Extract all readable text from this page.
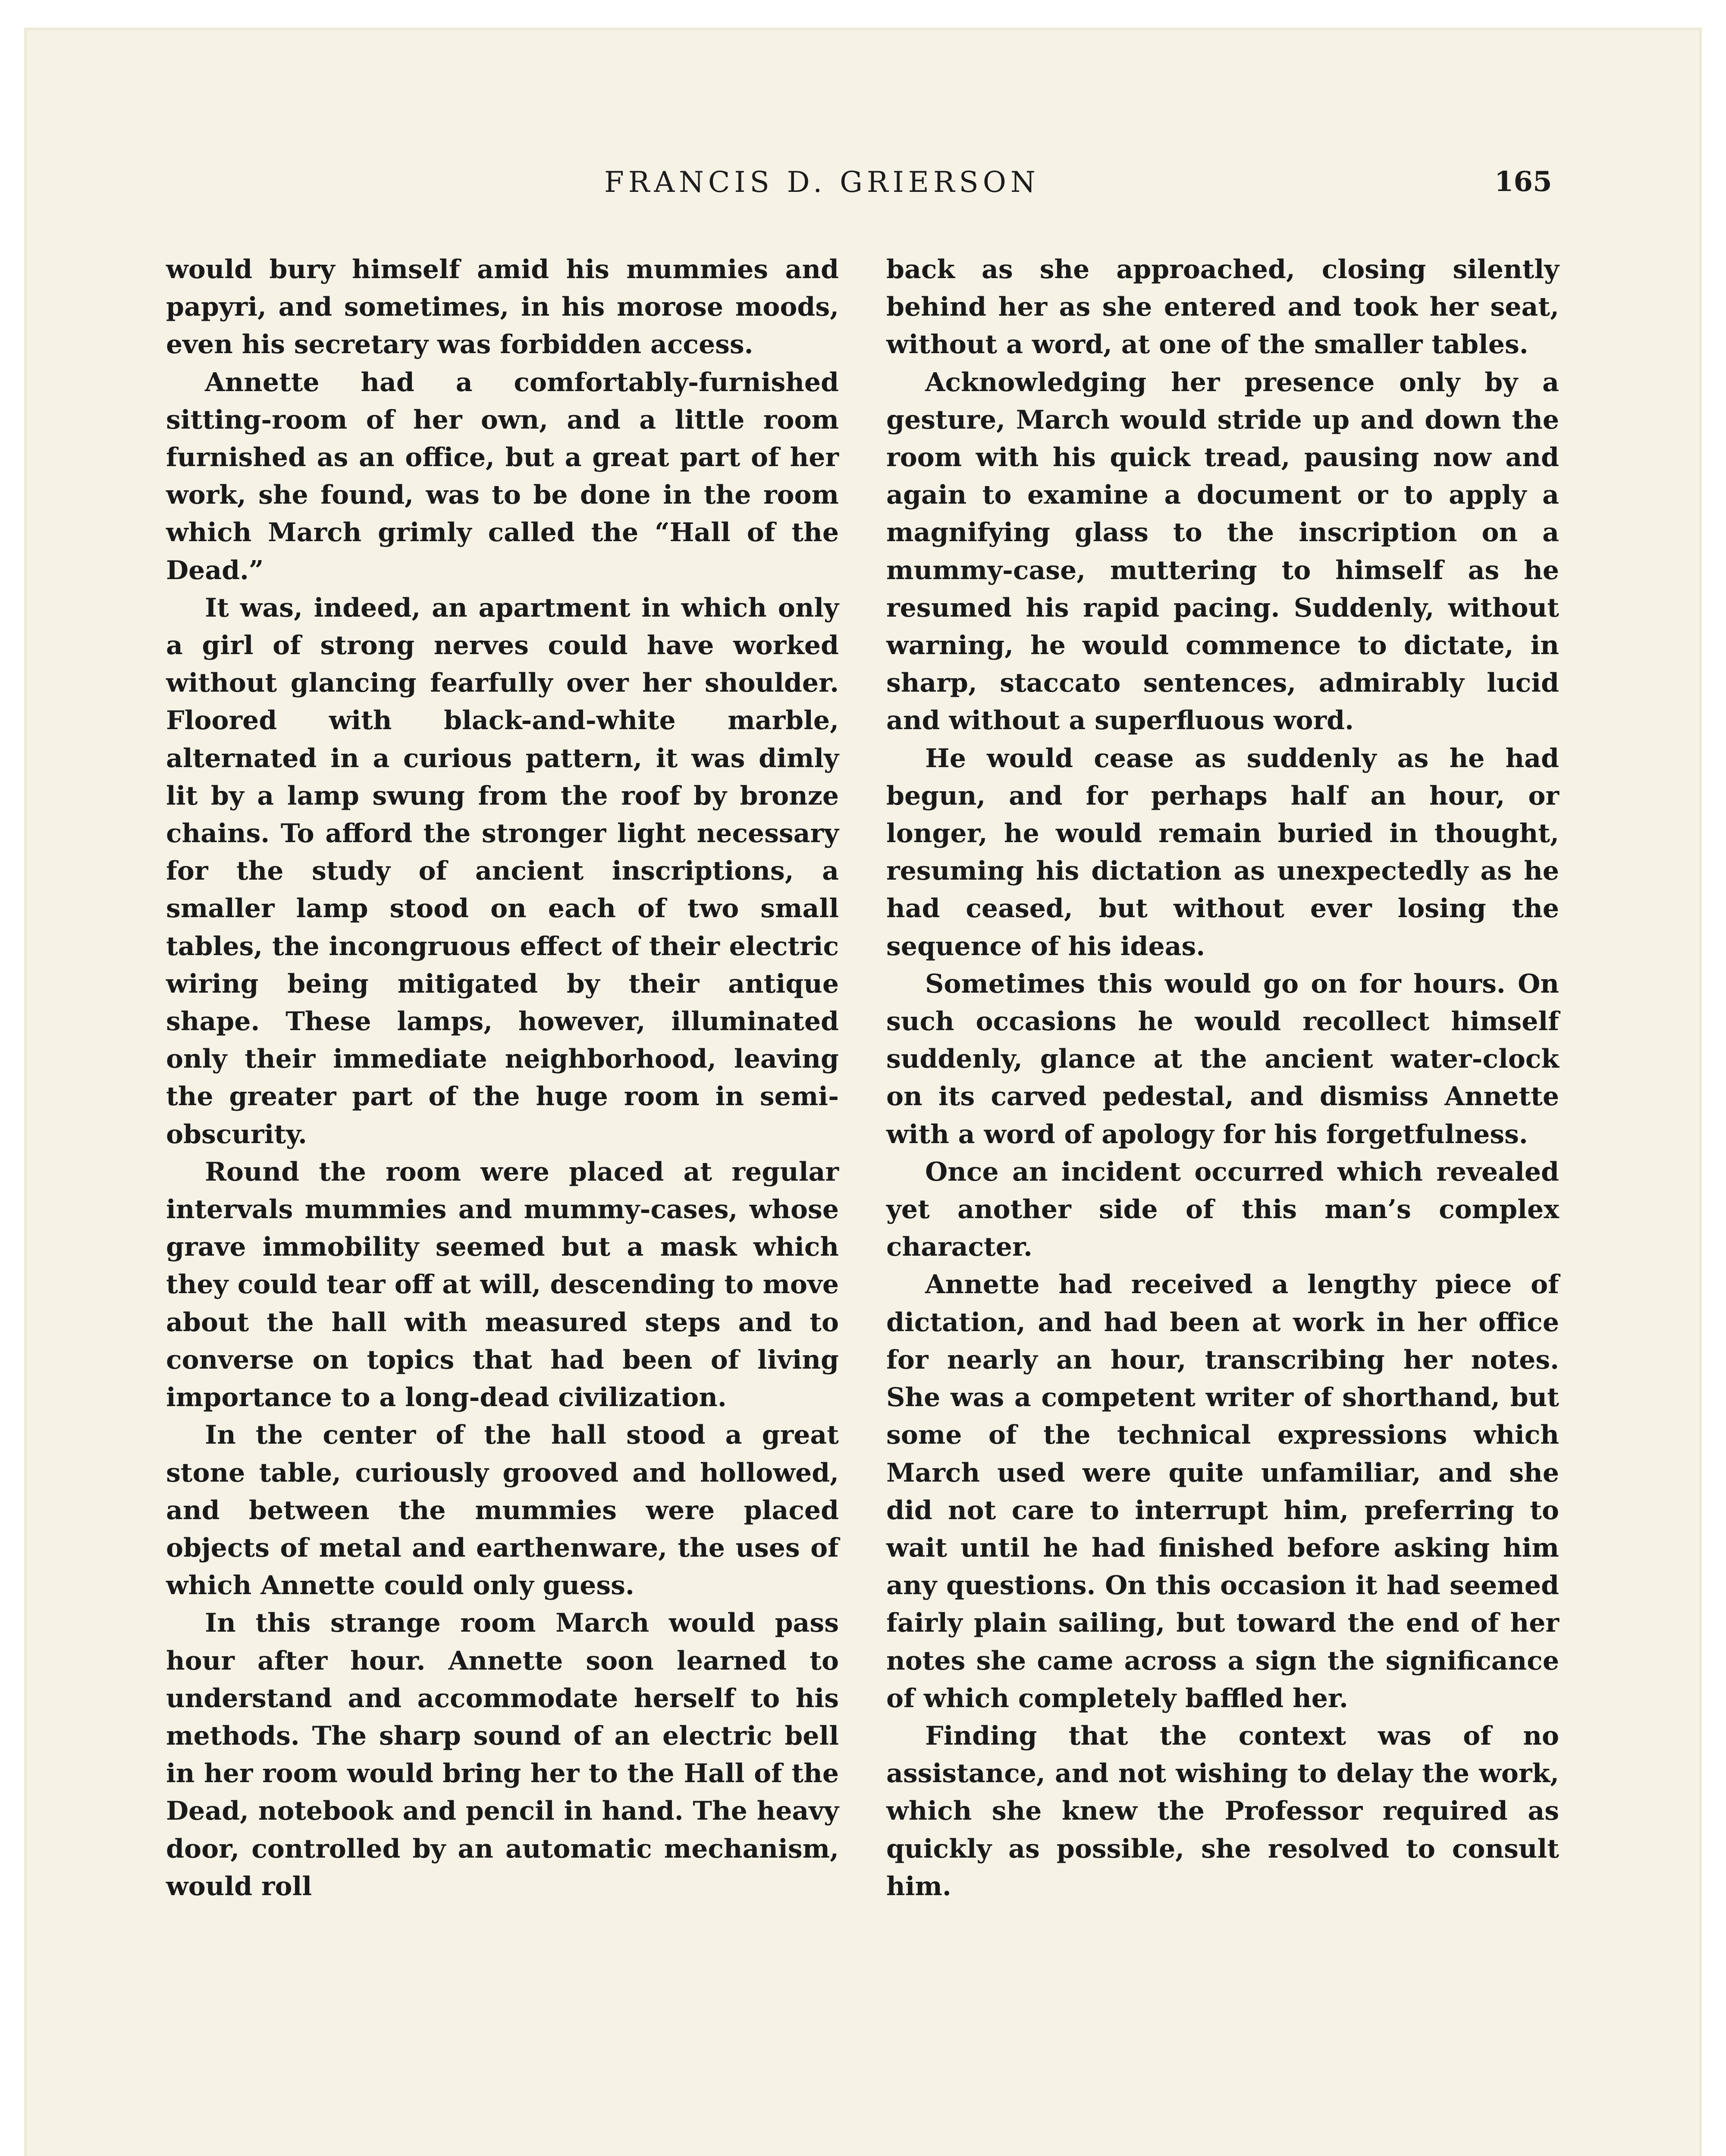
FRANCIS D. GRIERSON	165

would bury himself amid his mummies and papyri, and sometimes, in his morose moods, even his secretary was forbidden access.

Annette had a comfortably-furnished sitting-room of her own, and a little room furnished as an office, but a great part of her work, she found, was to be done in the room which March grimly called the “Hall of the Dead.”

It was, indeed, an apartment in which only a girl of strong nerves could have worked without glancing fearfully over her shoulder. Floored with black-and-white marble, alternated in a curious pattern, it was dimly lit by a lamp swung from the roof by bronze chains. To afford the stronger light necessary for the study of ancient inscriptions, a smaller lamp stood on each of two small tables, the incongruous effect of their electric wiring being mitigated by their antique shape. These lamps, however, illuminated only their immediate neighborhood, leaving the greater part of the huge room in semi-obscurity.

Round the room were placed at regular intervals mummies and mummy-cases, whose grave immobility seemed but a mask which they could tear off at will, descending to move about the hall with measured steps and to converse on topics that had been of living importance to a long-dead civilization.

In the center of the hall stood a great stone table, curiously grooved and hollowed, and between the mummies were placed objects of metal and earthenware, the uses of which Annette could only guess.

In this strange room March would pass hour after hour. Annette soon learned to understand and accommodate herself to his methods. The sharp sound of an electric bell in her room would bring her to the Hall of the Dead, notebook and pencil in hand. The heavy door, controlled by an automatic mechanism, would roll

back as she approached, closing silently behind her as she entered and took her seat, without a word, at one of the smaller tables.

Acknowledging her presence only by a gesture, March would stride up and down the room with his quick tread, pausing now and again to examine a document or to apply a magnifying glass to the inscription on a mummy-case, muttering to himself as he resumed his rapid pacing. Suddenly, without warning, he would commence to dictate, in sharp, staccato sentences, admirably lucid and without a superfluous word.

He would cease as suddenly as he had begun, and for perhaps half an hour, or longer, he would remain buried in thought, resuming his dictation as unexpectedly as he had ceased, but without ever losing the sequence of his ideas.

Sometimes this would go on for hours. On such occasions he would recollect himself suddenly, glance at the ancient water-clock on its carved pedestal, and dismiss Annette with a word of apology for his forgetfulness.

Once an incident occurred which revealed yet another side of this man’s complex character.

Annette had received a lengthy piece of dictation, and had been at work in her office for nearly an hour, transcribing her notes. She was a competent writer of shorthand, but some of the technical expressions which March used were quite unfamiliar, and she did not care to interrupt him, preferring to wait until he had finished before asking him any questions. On this occasion it had seemed fairly plain sailing, but toward the end of her notes she came across a sign the significance of which completely baffled her.

Finding that the context was of no assistance, and not wishing to delay the work, which she knew the Professor required as quickly as possible, she resolved to consult him.
